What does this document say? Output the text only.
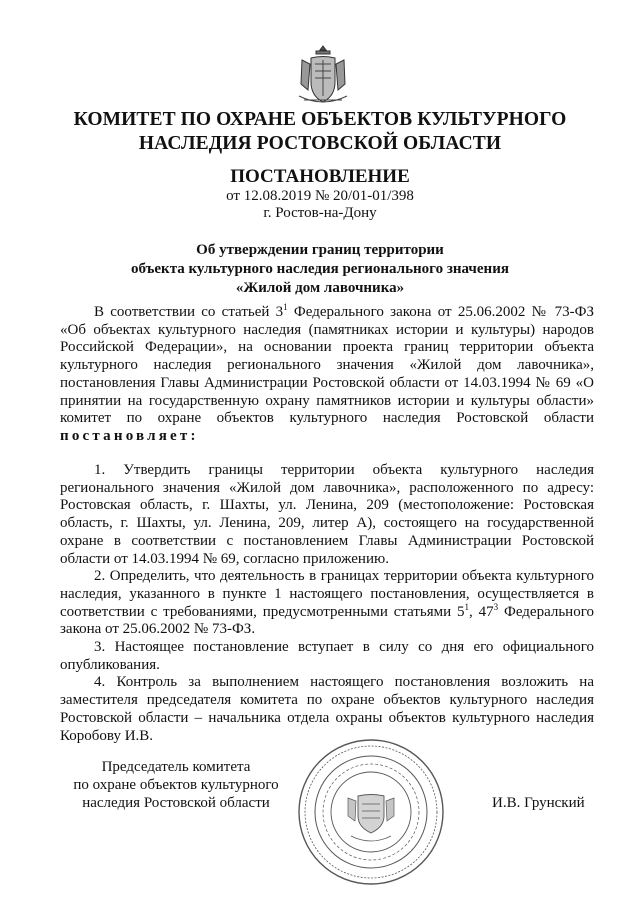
КОМИТЕТ ПО ОХРАНЕ ОБЪЕКТОВ КУЛЬТУРНОГО
НАСЛЕДИЯ РОСТОВСКОЙ ОБЛАСТИ
ПОСТАНОВЛЕНИЕ
от 12.08.2019 № 20/01-01/398
г. Ростов-на-Дону
Об утверждении границ территории
объекта культурного наследия регионального значения
«Жилой дом лавочника»

В соответствии со статьей $3^1$ Федерального закона от 25.06.2002 № 73-ФЗ «Об объектах культурного наследия (памятниках истории и культуры) народов Российской Федерации», на основании проекта границ территории объекта культурного наследия регионального значения «Жилой дом лавочника», постановления Главы Администрации Ростовской области от 14.03.1994 № 69 «О принятии на государственную охрану памятников истории и культуры области» комитет по охране объектов культурного наследия Ростовской области постановляет:

1. Утвердить границы территории объекта культурного наследия регионального значения «Жилой дом лавочника», расположенного по адресу: Ростовская область, г. Шахты, ул. Ленина, 209 (местоположение: Ростовская область, г. Шахты, ул. Ленина, 209, литер А), состоящего на государственной охране в соответствии с постановлением Главы Администрации Ростовской области от 14.03.1994 № 69, согласно приложению.

2. Определить, что деятельность в границах территории объекта культурного наследия, указанного в пункте 1 настоящего постановления, осуществляется в соответствии с требованиями, предусмотренными статьями $5^1$, $47^3$ Федерального закона от 25.06.2002 № 73-ФЗ.

3. Настоящее постановление вступает в силу со дня его официального опубликования.

4. Контроль за выполнением настоящего постановления возложить на заместителя председателя комитета по охране объектов культурного наследия Ростовской области – начальника отдела охраны объектов культурного наследия Коробову И.В.

Председатель комитета
по охране объектов культурного
наследия Ростовской области	И.В. Грунский
